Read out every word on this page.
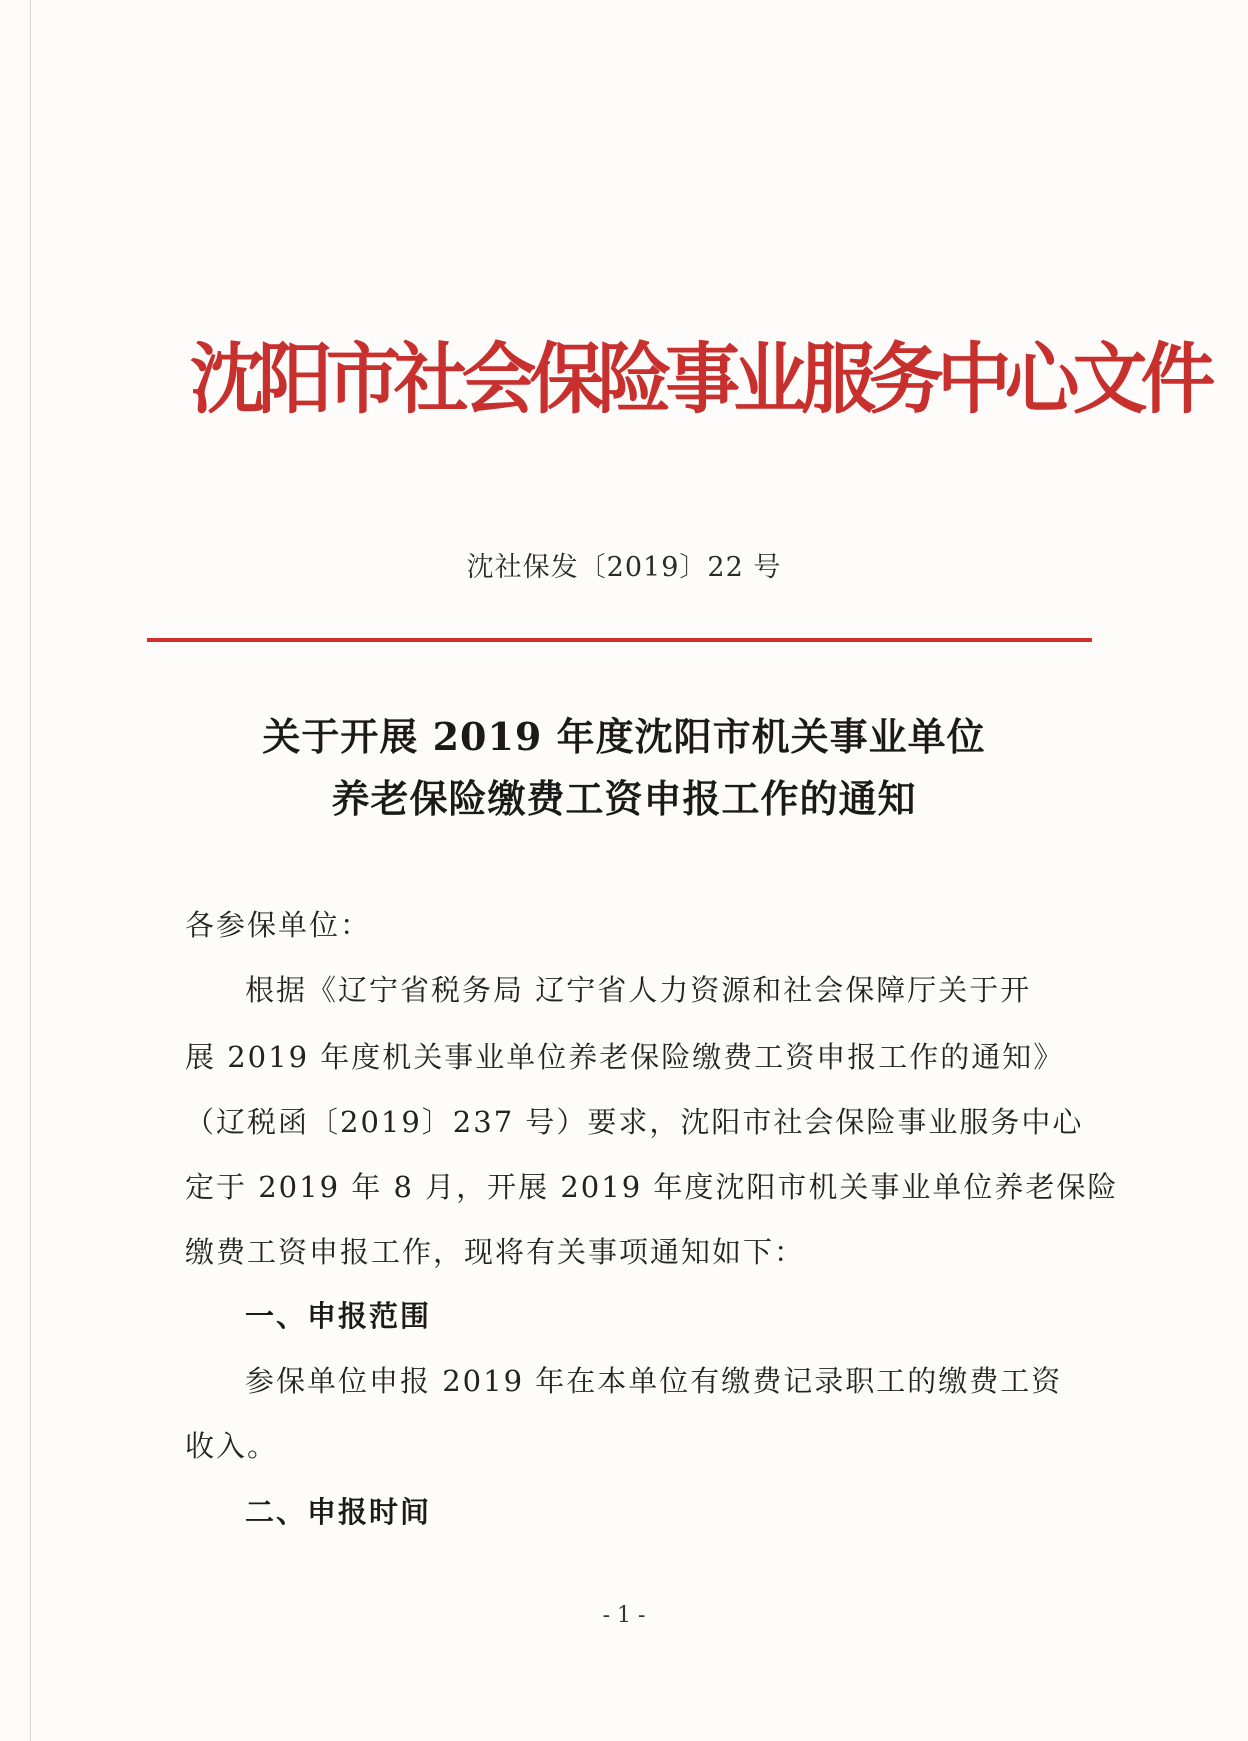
沈阳市社会保险事业服务中心文件
沈社保发〔2019〕22 号
关于开展 2019 年度沈阳市机关事业单位
养老保险缴费工资申报工作的通知
各参保单位：
根据《辽宁省税务局 辽宁省人力资源和社会保障厅关于开
展 2019 年度机关事业单位养老保险缴费工资申报工作的通知》
（辽税函〔2019〕237 号）要求，沈阳市社会保险事业服务中心
定于 2019 年 8 月，开展 2019 年度沈阳市机关事业单位养老保险
缴费工资申报工作，现将有关事项通知如下：
一、申报范围
参保单位申报 2019 年在本单位有缴费记录职工的缴费工资
收入。
二、申报时间
- 1 -
